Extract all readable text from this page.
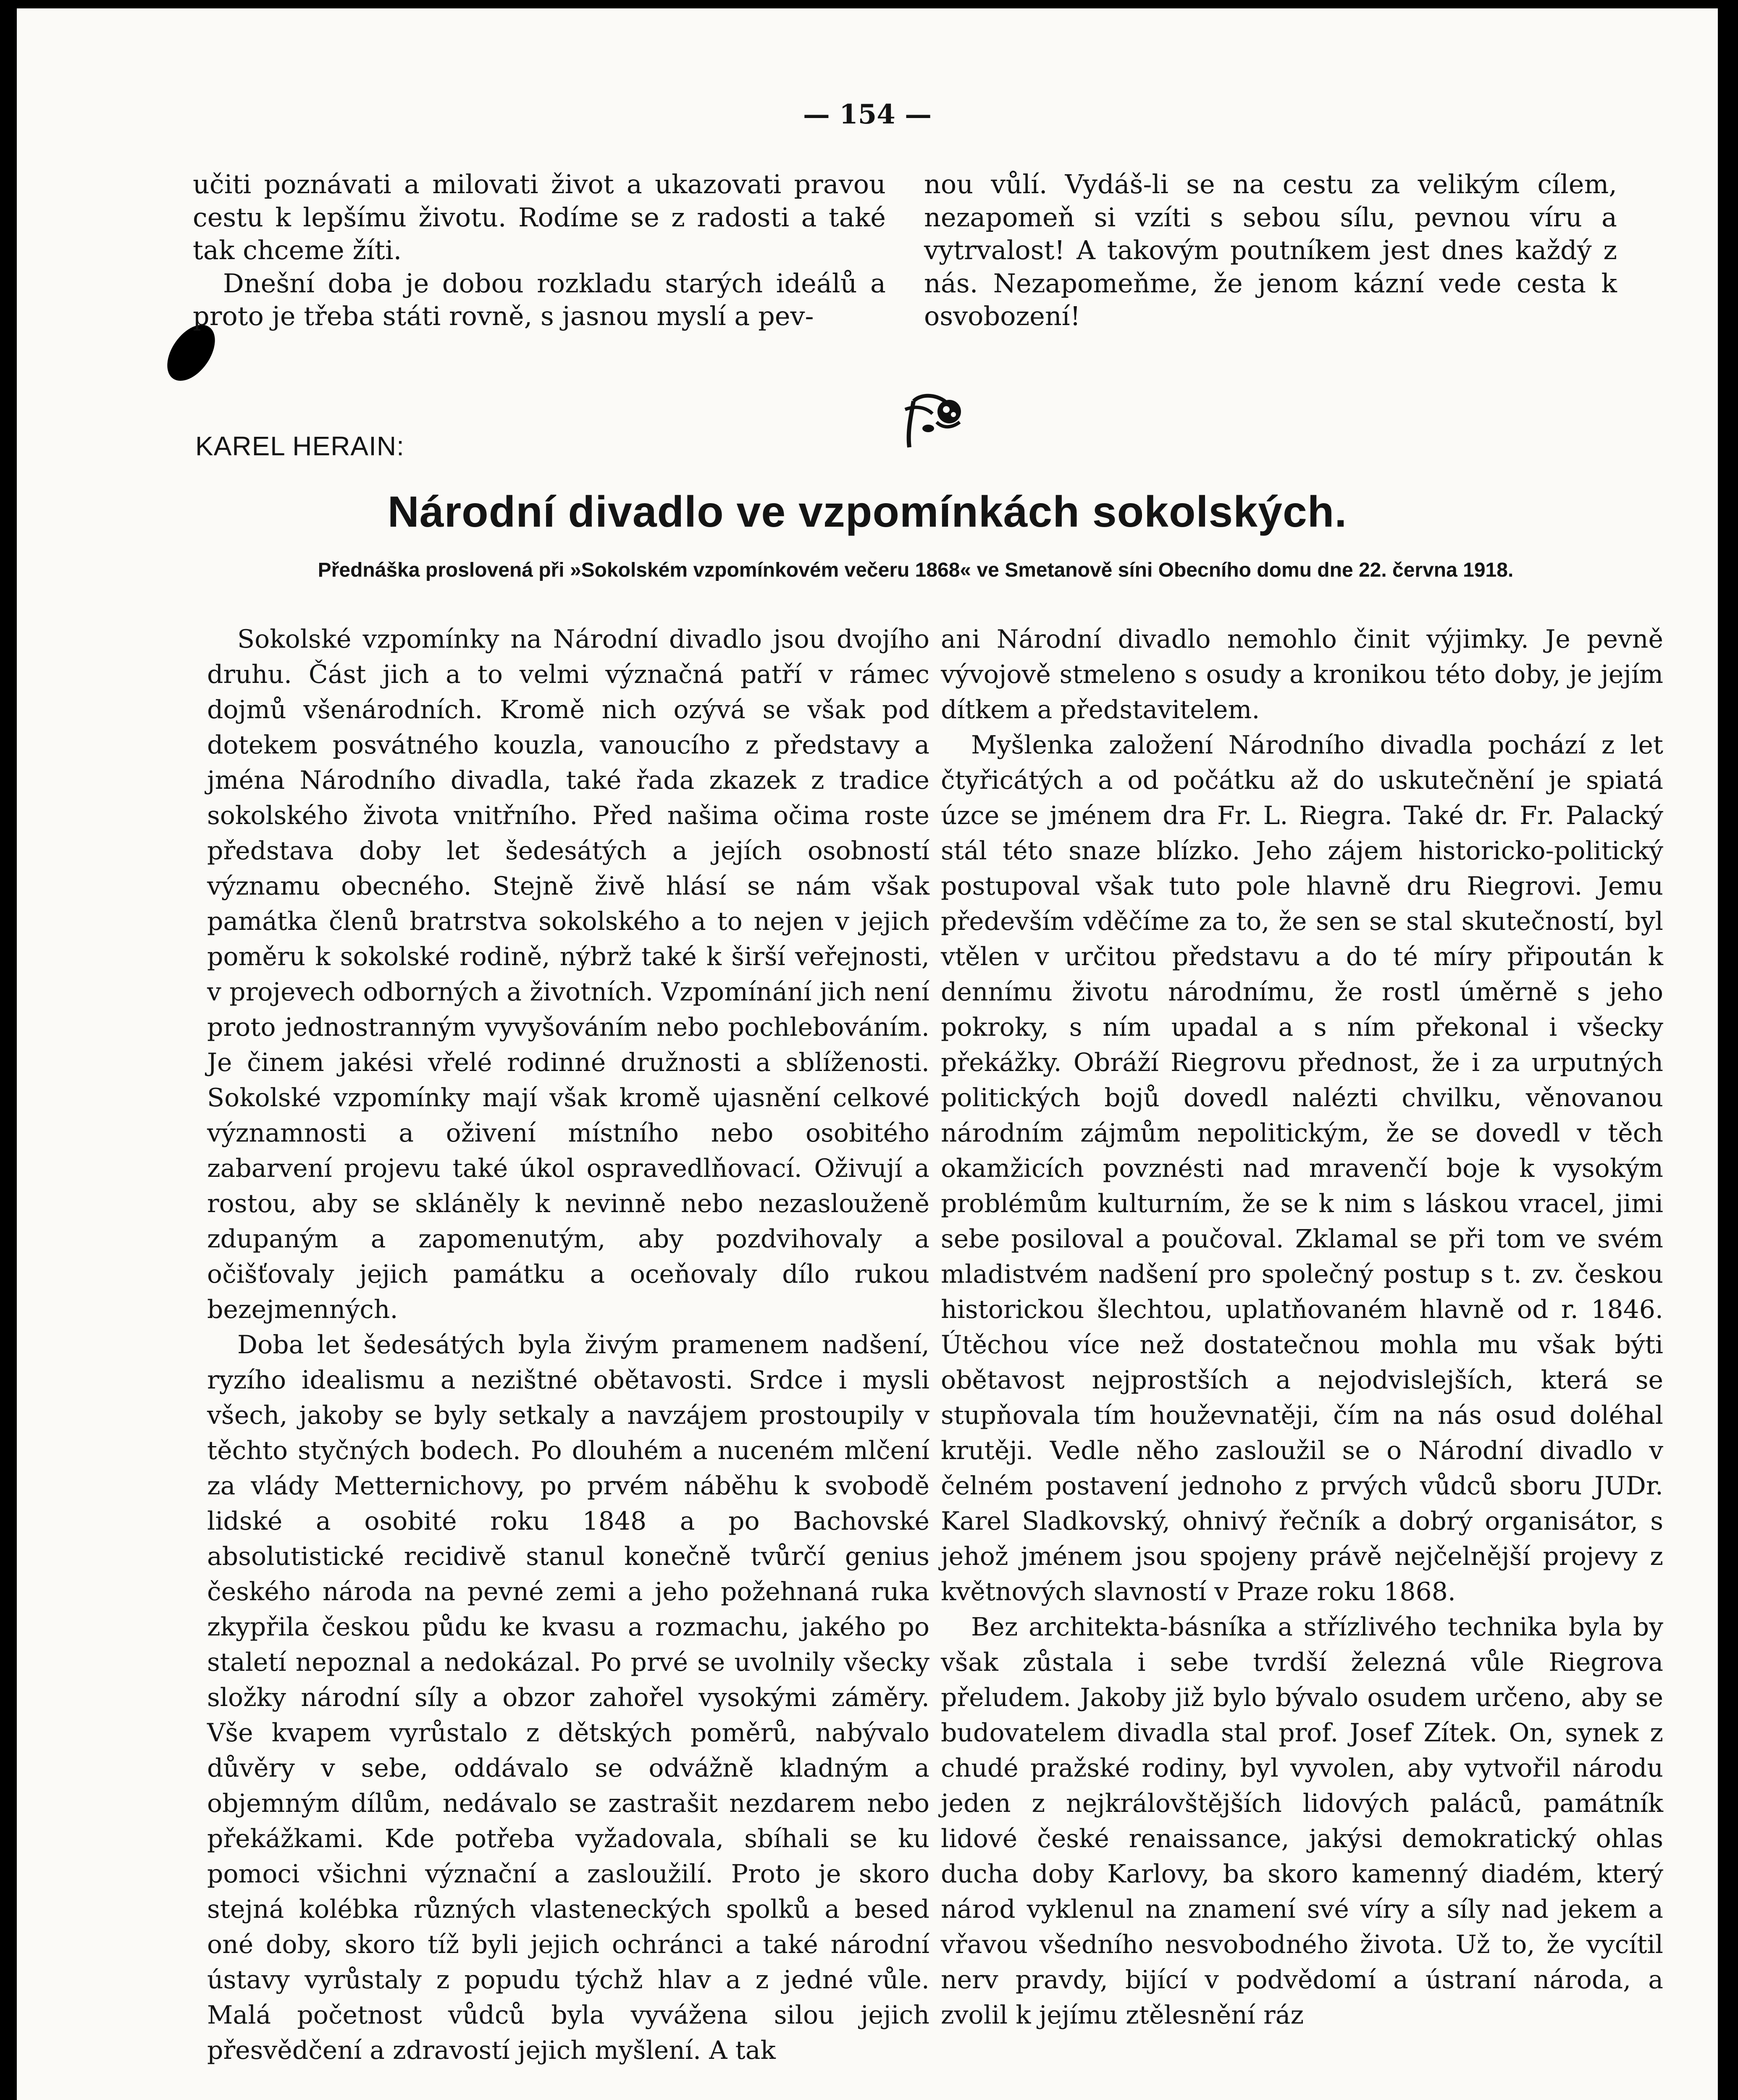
— 154 —

učiti poznávati a milovati život a ukazovati pravou cestu k lepšímu životu. Rodíme se z radosti a také tak chceme žíti.

Dnešní doba je dobou rozkladu starých ideálů a proto je třeba státi rovně, s jasnou myslí a pev-

nou vůlí. Vydáš-li se na cestu za velikým cílem, nezapomeň si vzíti s sebou sílu, pevnou víru a vytrvalost! A takovým poutníkem jest dnes každý z nás. Nezapomeňme, že jenom kázní vede cesta k osvobození!

KAREL HERAIN:
Národní divadlo ve vzpomínkách sokolských.
Přednáška proslovená při »Sokolském vzpomínkovém večeru 1868« ve Smetanově síni Obecního domu dne 22. června 1918.

Sokolské vzpomínky na Národní divadlo jsou dvojího druhu. Část jich a to velmi význačná patří v rámec dojmů všenárodních. Kromě nich ozývá se však pod dotekem posvátného kouzla, vanoucího z představy a jména Národního divadla, také řada zkazek z tradice sokolského života vnitřního. Před našima očima roste představa doby let šedesátých a jejích osobností významu obecného. Stejně živě hlásí se nám však památka členů bratrstva sokolského a to nejen v jejich poměru k sokolské rodině, nýbrž také k širší veřejnosti, v projevech odborných a životních. Vzpomínání jich není proto jednostranným vyvyšováním nebo pochlebováním. Je činem jakési vřelé rodinné družnosti a sblíženosti. Sokolské vzpomínky mají však kromě ujasnění celkové významnosti a oživení místního nebo osobitého zabarvení projevu také úkol ospravedlňovací. Oživují a rostou, aby se skláněly k nevinně nebo nezaslouženě zdupaným a zapomenutým, aby pozdvihovaly a očišťovaly jejich památku a oceňovaly dílo rukou bezejmenných.

Doba let šedesátých byla živým pramenem nadšení, ryzího idealismu a nezištné obětavosti. Srdce i mysli všech, jakoby se byly setkaly a navzájem prostoupily v těchto styčných bodech. Po dlouhém a nuceném mlčení za vlády Metternichovy, po prvém náběhu k svobodě lidské a osobité roku 1848 a po Bachovské absolutistické recidivě stanul konečně tvůrčí genius českého národa na pevné zemi a jeho požehnaná ruka zkypřila českou půdu ke kvasu a rozmachu, jakého po staletí nepoznal a nedokázal. Po prvé se uvolnily všecky složky národní síly a obzor zahořel vysokými záměry. Vše kvapem vyrůstalo z dětských poměrů, nabývalo důvěry v sebe, oddávalo se odvážně kladným a objemným dílům, nedávalo se zastrašit nezdarem nebo překážkami. Kde potřeba vyžadovala, sbíhali se ku pomoci všichni význační a zasloužilí. Proto je skoro stejná kolébka různých vlasteneckých spolků a besed oné doby, skoro tíž byli jejich ochránci a také národní ústavy vyrůstaly z popudu týchž hlav a z jedné vůle. Malá početnost vůdců byla vyvážena silou jejich přesvědčení a zdravostí jejich myšlení. A tak

ani Národní divadlo nemohlo činit výjimky. Je pevně vývojově stmeleno s osudy a kronikou této doby, je jejím dítkem a představitelem.

Myšlenka založení Národního divadla pochází z let čtyřicátých a od počátku až do uskutečnění je spiatá úzce se jménem dra Fr. L. Riegra. Také dr. Fr. Palacký stál této snaze blízko. Jeho zájem historicko-politický postupoval však tuto pole hlavně dru Riegrovi. Jemu především vděčíme za to, že sen se stal skutečností, byl vtělen v určitou představu a do té míry připoután k dennímu životu národnímu, že rostl úměrně s jeho pokroky, s ním upadal a s ním překonal i všecky překážky. Obráží Riegrovu přednost, že i za urputných politických bojů dovedl nalézti chvilku, věnovanou národním zájmům nepolitickým, že se dovedl v těch okamžicích povznésti nad mravenčí boje k vysokým problémům kulturním, že se k nim s láskou vracel, jimi sebe posiloval a poučoval. Zklamal se při tom ve svém mladistvém nadšení pro společný postup s t. zv. českou historickou šlechtou, uplatňovaném hlavně od r. 1846. Útěchou více než dostatečnou mohla mu však býti obětavost nejprostších a nejodvislejších, která se stupňovala tím houževnatěji, čím na nás osud doléhal krutěji. Vedle něho zasloužil se o Národní divadlo v čelném postavení jednoho z prvých vůdců sboru JUDr. Karel Sladkovský, ohnivý řečník a dobrý organisátor, s jehož jménem jsou spojeny právě nejčelnější projevy z květnových slavností v Praze roku 1868.

Bez architekta-básníka a střízlivého technika byla by však zůstala i sebe tvrdší železná vůle Riegrova přeludem. Jakoby již bylo bývalo osudem určeno, aby se budovatelem divadla stal prof. Josef Zítek. On, synek z chudé pražské rodiny, byl vyvolen, aby vytvořil národu jeden z nejkrálovštějších lidových paláců, památník lidové české renaissance, jakýsi demokratický ohlas ducha doby Karlovy, ba skoro kamenný diadém, který národ vyklenul na znamení své víry a síly nad jekem a vřavou všedního nesvobodného života. Už to, že vycítil nerv pravdy, bijící v podvědomí a ústraní národa, a zvolil k jejímu ztělesnění ráz
